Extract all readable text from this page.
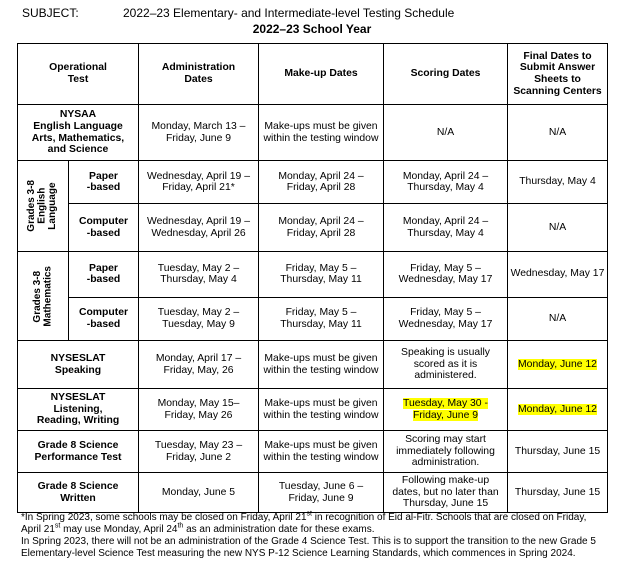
SUBJECT:	2022–23 Elementary- and Intermediate-level Testing Schedule
2022–23 School Year
Operational
Test		Administration
Dates	Make-up Dates	Scoring Dates	Final Dates to
Submit Answer
Sheets to
Scanning Centers
NYSAA
English Language
Arts, Mathematics,
and Science		Monday, March 13 –
Friday, June 9	Make-ups must be given
within the testing window	N/A	N/A

Grades 3-8
English
Language	Paper
-based	Wednesday, April 19 –
Friday, April 21*	Monday, April 24 –
Friday, April 28	Monday, April 24 –
Thursday, May 4	Thursday, May 4
	Computer
-based	Wednesday, April 19 –
Wednesday, April 26	Monday, April 24 –
Friday, April 28	Monday, April 24 –
Thursday, May 4	N/A

Grades 3-8
Mathematics	Paper
-based	Tuesday, May 2 –
Thursday, May 4	Friday, May 5 –
Thursday, May 11	Friday, May 5 –
Wednesday, May 17	Wednesday, May 17
	Computer
-based	Tuesday, May 2 –
Tuesday, May 9	Friday, May 5 –
Thursday, May 11	Friday, May 5 –
Wednesday, May 17	N/A
NYSESLAT
Speaking		Monday, April 17 –
Friday, May, 26	Make-ups must be given
within the testing window	Speaking is usually
scored as it is
administered.	Monday, June 12
NYSESLAT
Listening,
Reading, Writing		Monday, May 15–
Friday, May 26	Make-ups must be given
within the testing window	Tuesday, May 30 -
Friday, June 9	Monday, June 12
Grade 8 Science
Performance Test		Tuesday, May 23 –
Friday, June 2	Make-ups must be given
within the testing window	Scoring may start
immediately following
administration.	Thursday, June 15
Grade 8 Science
Written		Monday, June 5	Tuesday, June 6 –
Friday, June 9	Following make-up
dates, but no later than
Thursday, June 15	Thursday, June 15
*In Spring 2023, some schools may be closed on Friday, April 21st in recognition of Eid al-Fitr. Schools that are closed on Friday,
April 21st may use Monday, April 24th as an administration date for these exams.
In Spring 2023, there will not be an administration of the Grade 4 Science Test. This is to support the transition to the new Grade 5
Elementary-level Science Test measuring the new NYS P-12 Science Learning Standards, which commences in Spring 2024.
